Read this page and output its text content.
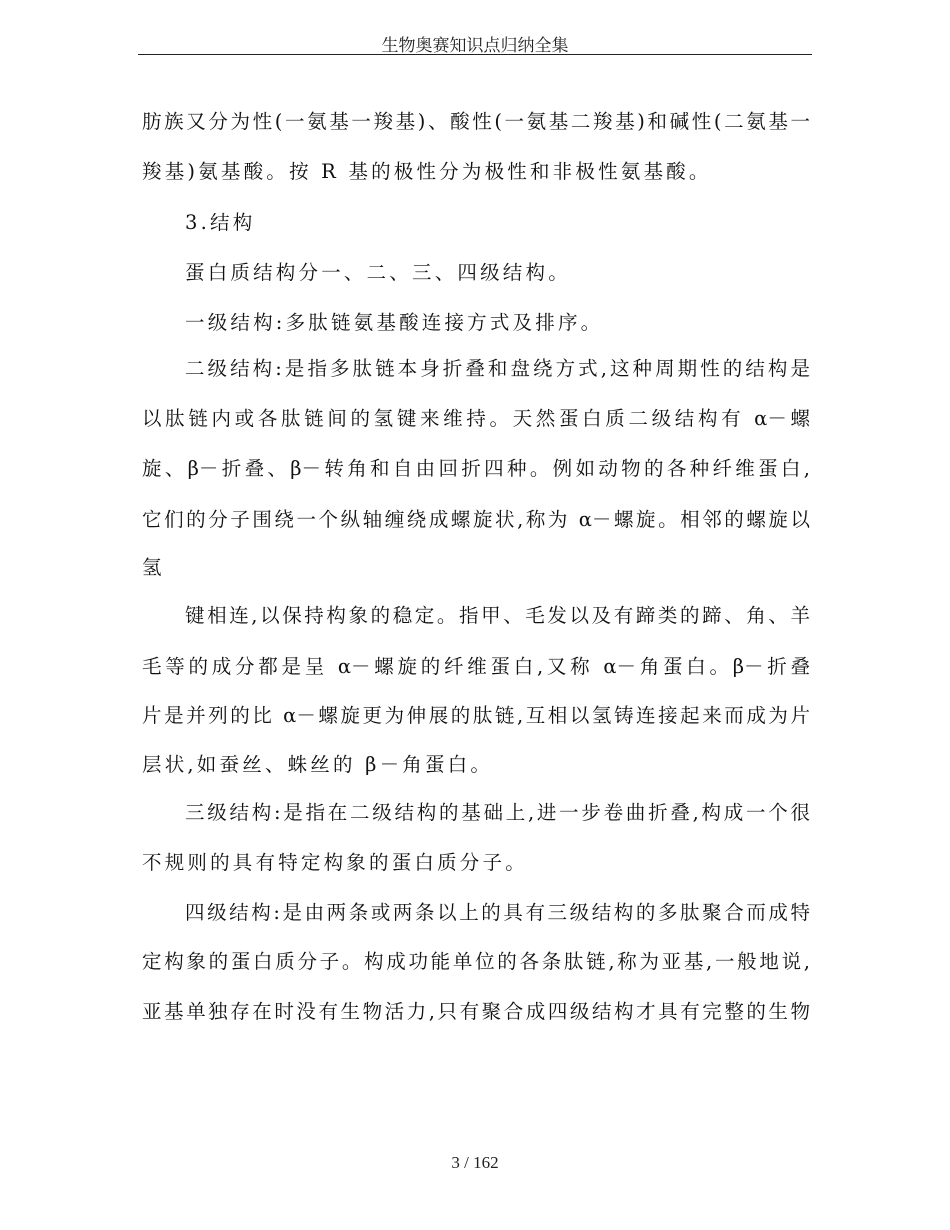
生物奥赛知识点归纳全集
肪族又分为性(一氨基一羧基)、酸性(一氨基二羧基)和碱性(二氨基一
羧基)氨基酸。按 R 基的极性分为极性和非极性氨基酸。
3.结构
蛋白质结构分一、二、三、四级结构。
一级结构:多肽链氨基酸连接方式及排序。
二级结构:是指多肽链本身折叠和盘绕方式,这种周期性的结构是
以肽链内或各肽链间的氢键来维持。天然蛋白质二级结构有 α－螺
旋、β－折叠、β－转角和自由回折四种。例如动物的各种纤维蛋白,
它们的分子围绕一个纵轴缠绕成螺旋状,称为 α－螺旋。相邻的螺旋以
氢
键相连,以保持构象的稳定。指甲、毛发以及有蹄类的蹄、角、羊
毛等的成分都是呈 α－螺旋的纤维蛋白,又称 α－角蛋白。β－折叠
片是并列的比 α－螺旋更为伸展的肽链,互相以氢铸连接起来而成为片
层状,如蚕丝、蛛丝的 β－角蛋白。
三级结构:是指在二级结构的基础上,进一步卷曲折叠,构成一个很
不规则的具有特定构象的蛋白质分子。
四级结构:是由两条或两条以上的具有三级结构的多肽聚合而成特
定构象的蛋白质分子。构成功能单位的各条肽链,称为亚基,一般地说,
亚基单独存在时没有生物活力,只有聚合成四级结构才具有完整的生物
3 / 162
